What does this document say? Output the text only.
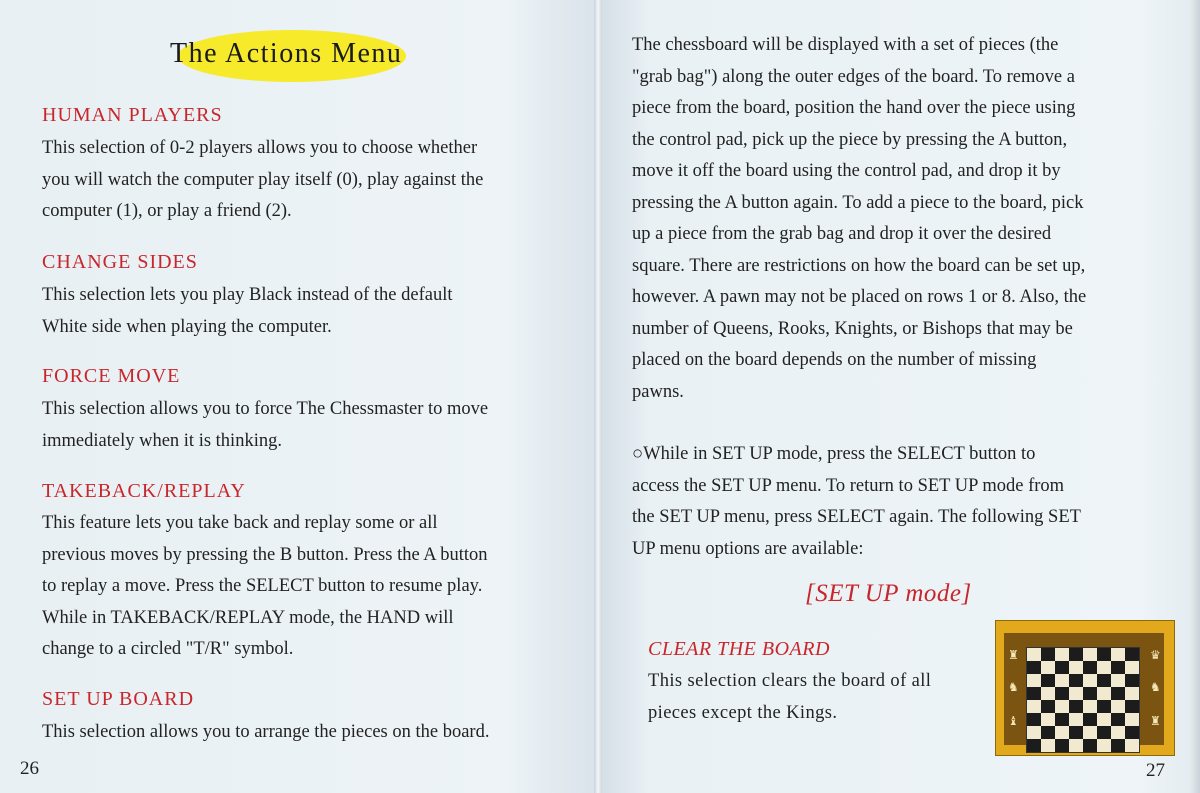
The Actions Menu
HUMAN PLAYERS
This selection of 0-2 players allows you to choose whether
you will watch the computer play itself (0), play against the
computer (1), or play a friend (2).
CHANGE SIDES
This selection lets you play Black instead of the default
White side when playing the computer.
FORCE MOVE
This selection allows you to force The Chessmaster to move
immediately when it is thinking.
TAKEBACK/REPLAY
This feature lets you take back and replay some or all
previous moves by pressing the B button. Press the A button
to replay a move. Press the SELECT button to resume play.
While in TAKEBACK/REPLAY mode, the HAND will
change to a circled "T/R" symbol.
SET UP BOARD
This selection allows you to arrange the pieces on the board.
26
The chessboard will be displayed with a set of pieces (the
"grab bag") along the outer edges of the board. To remove a
piece from the board, position the hand over the piece using
the control pad, pick up the piece by pressing the A button,
move it off the board using the control pad, and drop it by
pressing the A button again. To add a piece to the board, pick
up a piece from the grab bag and drop it over the desired
square. There are restrictions on how the board can be set up,
however. A pawn may not be placed on rows 1 or 8. Also, the
number of Queens, Rooks, Knights, or Bishops that may be
placed on the board depends on the number of missing
pawns.
○While in SET UP mode, press the SELECT button to
access the SET UP menu. To return to SET UP mode from
the SET UP menu, press SELECT again. The following SET
UP menu options are available:
CLEAR THE BOARD
This selection clears the board of all
pieces except the Kings.
27
[SET UP mode]
♜
♞
♝
♛
♞
♜
